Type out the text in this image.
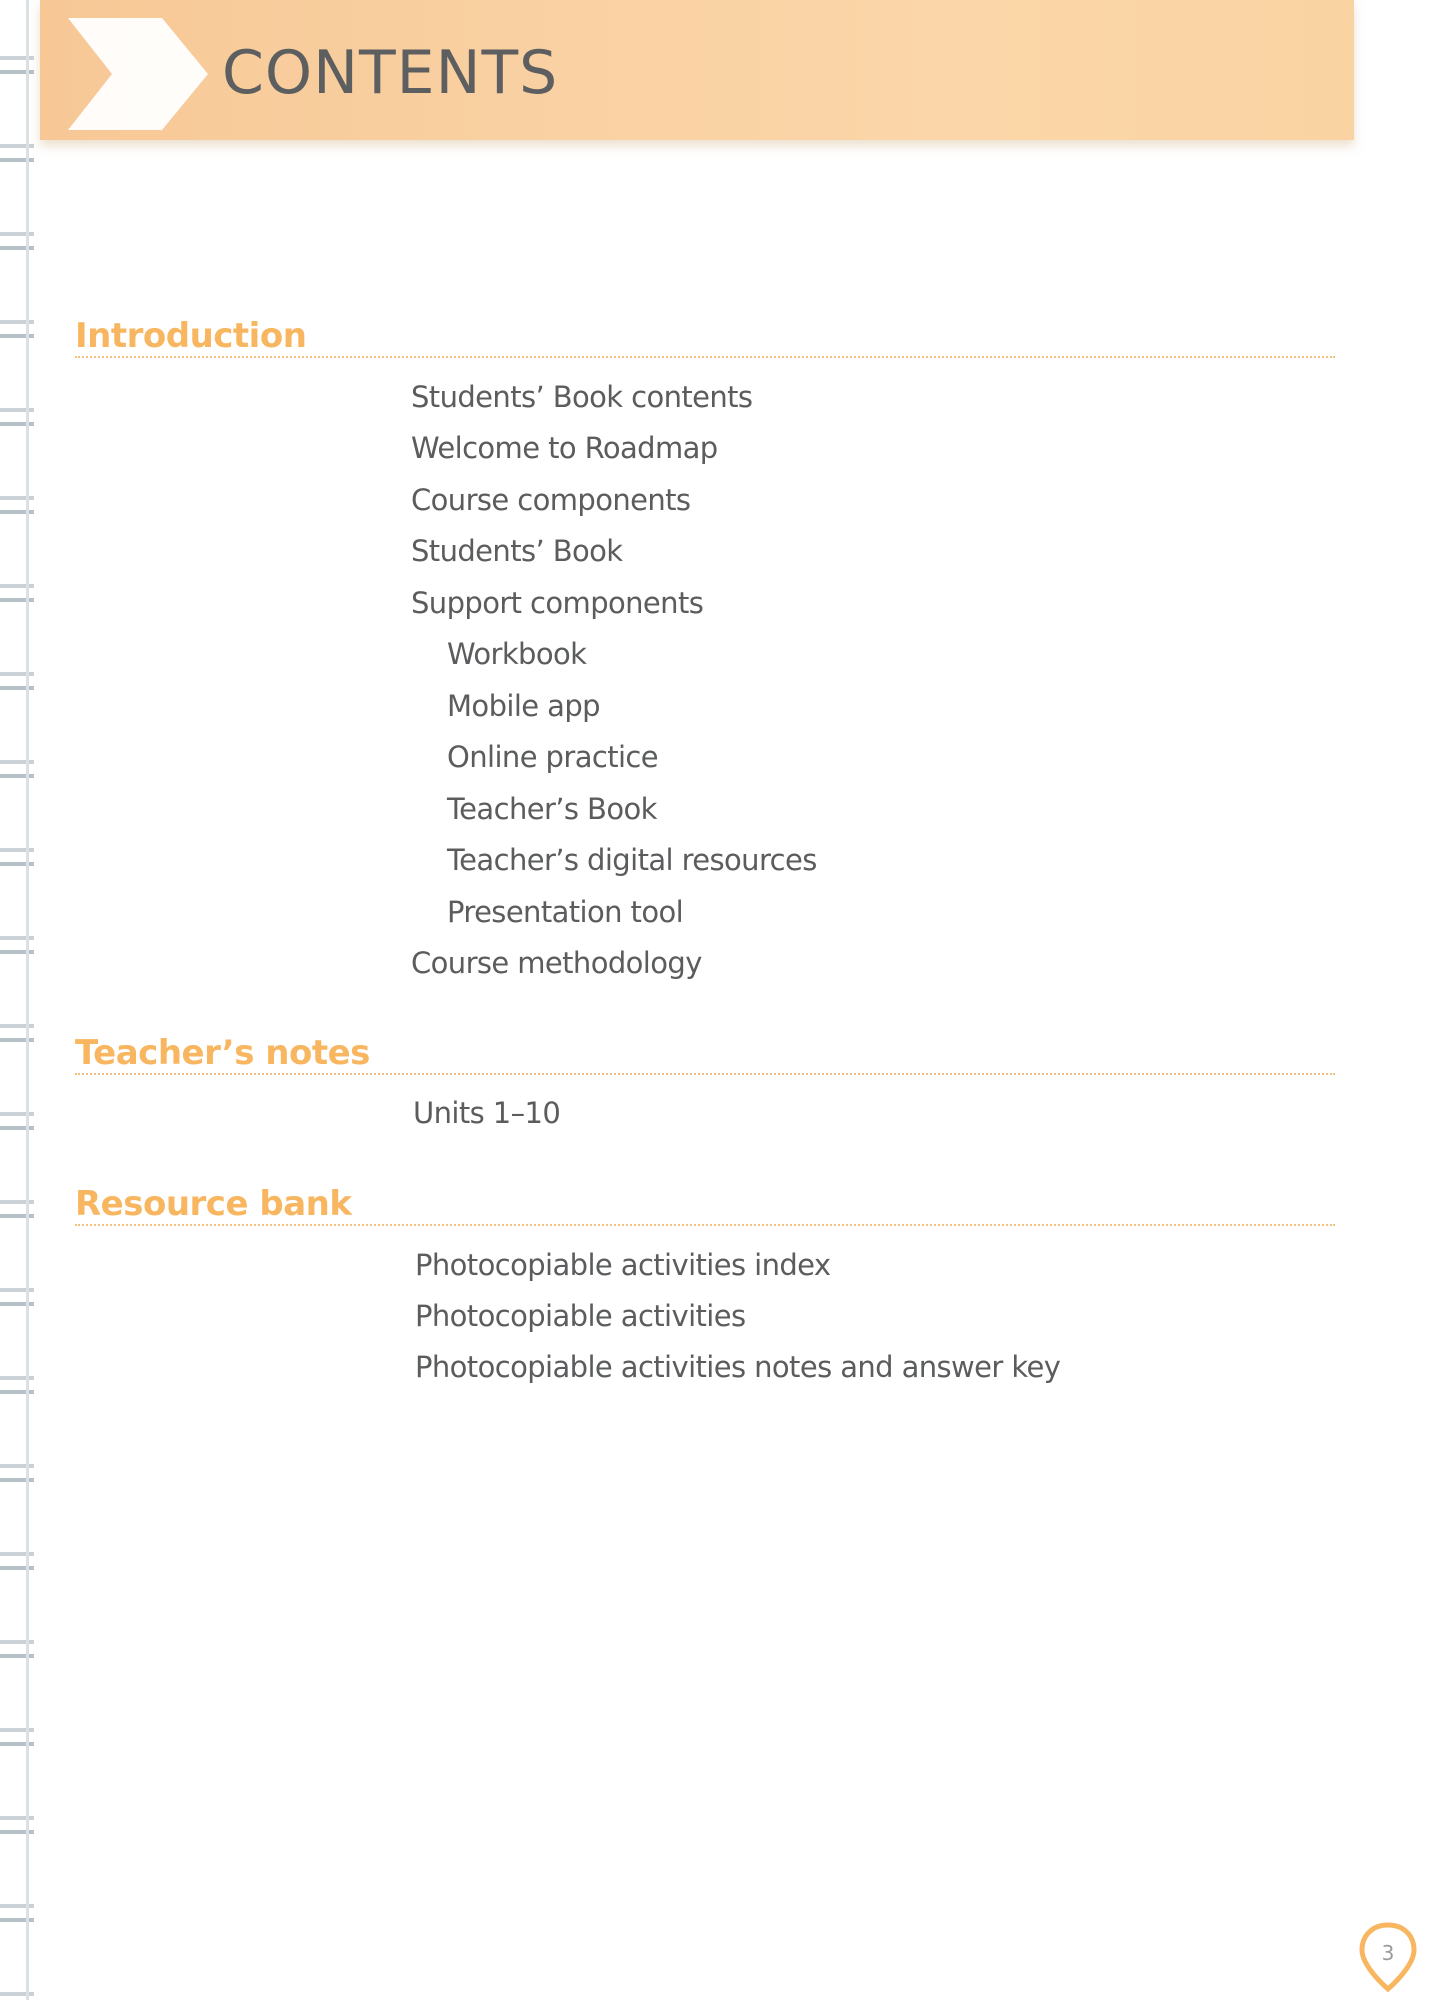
CONTENTS
Introduction
Students’ Book contents
Welcome to Roadmap
Course components
Students’ Book
Support components
Workbook
Mobile app
Online practice
Teacher’s Book
Teacher’s digital resources
Presentation tool
Course methodology
Teacher’s notes
Units 1–10
Resource bank
Photocopiable activities index
Photocopiable activities
Photocopiable activities notes and answer key
3
